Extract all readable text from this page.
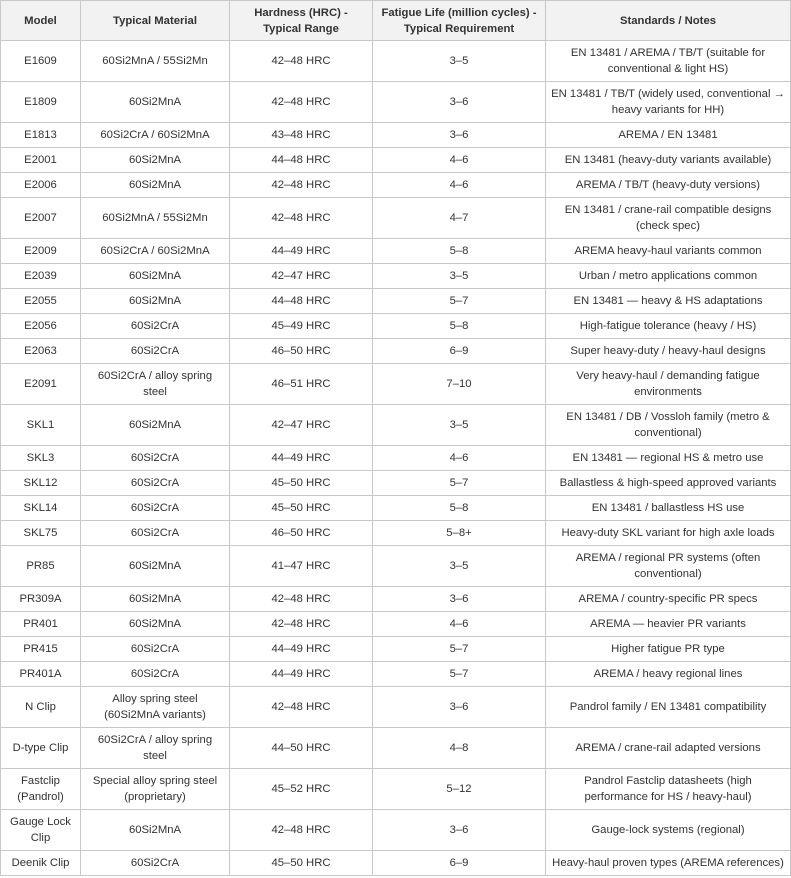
Model	Typical Material	Hardness (HRC) - Typical Range	Fatigue Life (million cycles) - Typical Requirement	Standards / Notes
E1609	60Si2MnA / 55Si2Mn	42–48 HRC	3–5	EN 13481 / AREMA / TB/T (suitable for conventional & light HS)
E1809	60Si2MnA	42–48 HRC	3–6	EN 13481 / TB/T (widely used, conventional → heavy variants for HH)
E1813	60Si2CrA / 60Si2MnA	43–48 HRC	3–6	AREMA / EN 13481
E2001	60Si2MnA	44–48 HRC	4–6	EN 13481 (heavy-duty variants available)
E2006	60Si2MnA	42–48 HRC	4–6	AREMA / TB/T (heavy-duty versions)
E2007	60Si2MnA / 55Si2Mn	42–48 HRC	4–7	EN 13481 / crane-rail compatible designs (check spec)
E2009	60Si2CrA / 60Si2MnA	44–49 HRC	5–8	AREMA heavy-haul variants common
E2039	60Si2MnA	42–47 HRC	3–5	Urban / metro applications common
E2055	60Si2MnA	44–48 HRC	5–7	EN 13481 — heavy & HS adaptations
E2056	60Si2CrA	45–49 HRC	5–8	High-fatigue tolerance (heavy / HS)
E2063	60Si2CrA	46–50 HRC	6–9	Super heavy-duty / heavy-haul designs
E2091	60Si2CrA / alloy spring steel	46–51 HRC	7–10	Very heavy-haul / demanding fatigue environments
SKL1	60Si2MnA	42–47 HRC	3–5	EN 13481 / DB / Vossloh family (metro & conventional)
SKL3	60Si2CrA	44–49 HRC	4–6	EN 13481 — regional HS & metro use
SKL12	60Si2CrA	45–50 HRC	5–7	Ballastless & high-speed approved variants
SKL14	60Si2CrA	45–50 HRC	5–8	EN 13481 / ballastless HS use
SKL75	60Si2CrA	46–50 HRC	5–8+	Heavy-duty SKL variant for high axle loads
PR85	60Si2MnA	41–47 HRC	3–5	AREMA / regional PR systems (often conventional)
PR309A	60Si2MnA	42–48 HRC	3–6	AREMA / country-specific PR specs
PR401	60Si2MnA	42–48 HRC	4–6	AREMA — heavier PR variants
PR415	60Si2CrA	44–49 HRC	5–7	Higher fatigue PR type
PR401A	60Si2CrA	44–49 HRC	5–7	AREMA / heavy regional lines
N Clip	Alloy spring steel (60Si2MnA variants)	42–48 HRC	3–6	Pandrol family / EN 13481 compatibility
D-type Clip	60Si2CrA / alloy spring steel	44–50 HRC	4–8	AREMA / crane-rail adapted versions
Fastclip (Pandrol)	Special alloy spring steel (proprietary)	45–52 HRC	5–12	Pandrol Fastclip datasheets (high performance for HS / heavy-haul)
Gauge Lock Clip	60Si2MnA	42–48 HRC	3–6	Gauge-lock systems (regional)
Deenik Clip	60Si2CrA	45–50 HRC	6–9	Heavy-haul proven types (AREMA references)
